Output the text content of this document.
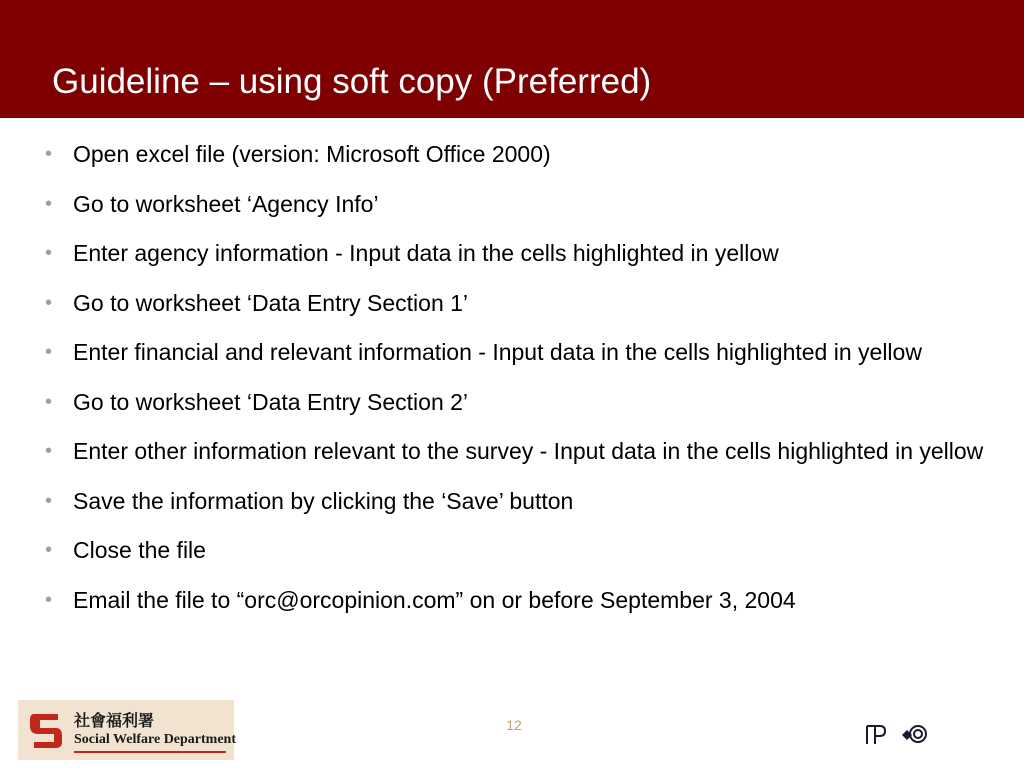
Guideline – using soft copy (Preferred)
• Open excel file (version: Microsoft Office 2000)
• Go to worksheet ‘Agency Info’
• Enter agency information - Input data in the cells highlighted in yellow
• Go to worksheet ‘Data Entry Section 1’
• Enter financial and relevant information - Input data in the cells highlighted in yellow
• Go to worksheet ‘Data Entry Section 2’
• Enter other information relevant to the survey - Input data in the cells highlighted in yellow
• Save the information by clicking the ‘Save’ button
• Close the file
• Email the file to “orc@orcopinion.com” on or before September 3, 2004
社會福利署
Social Welfare Department
12
